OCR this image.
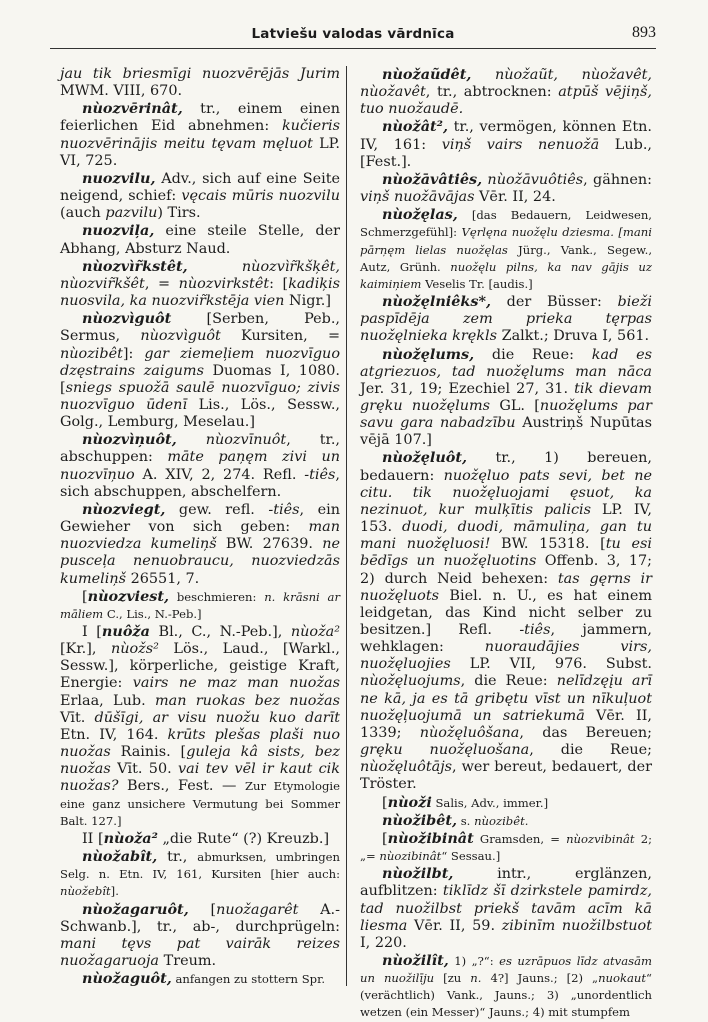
Latviešu valodas vārdnīca	893

jau tik briesmīgi nuozvērējās Jurim MWM. VIII, 670.

nùozvērinât, tr., einem einen feierlichen Eid abnehmen: kučieris nuozvērinājis meitu tęvam męluot LP. VI, 725.

nuozvilu, Adv., sich auf eine Seite neigend, schief: vęcais mūris nuozvilu (auch pazvilu) Tirs.

nuozviļa, eine steile Stelle, der Abhang, Absturz Naud.

nùozvìr̃kstêt,	nùozvìr̃kšķêt, nùozvir̃kšêt, = nùozvirkstêt: [kadiķis nuosvila, ka nuozvir̃kstēja vien Nigr.]

nùozvìguôt [Serben, Peb., Sermus, nùozvìguôt Kursiten, = nùozibêt]: gar ziemeļiem nuozvīguo dzęstrains zaigums Duomas I, 1080. [sniegs spuožā saulē nuozvīguo; zivis nuozvīguo ūdenī Lis., Lös., Sessw., Golg., Lemburg, Meselau.]

nùozvìņuôt, nùozvīnuôt, tr., abschuppen: māte paņęm zivi un nuozvīņuo A. XIV, 2, 274. Refl. -tiês, sich abschuppen, abschelfern.

nùozviegt, gew. refl. -tiês, ein Gewieher von sich geben: man nuozviedza kumeliņš BW. 27639. ne pusceļa nenuobraucu, nuozviedzās kumeliņš 26551, 7.

[nùozviest, beschmieren: n. krāsni ar māliem C., Lis., N.-Peb.]

I [nuôža Bl., C., N.-Peb.], nùoža² [Kr.], nùožs² Lös., Laud., [Warkl., Sessw.], körperliche, geistige Kraft, Energie: vairs ne maz man nuožas Erlaa, Lub. man ruokas bez nuožas Vīt. dūšīgi, ar visu nuožu kuo darīt Etn. IV, 164. krūts plešas plaši nuo nuožas Rainis. [guleja kâ sists, bez nuožas Vīt. 50. vai tev vēl ir kaut cik nuožas? Bers., Fest. — Zur Etymologie eine ganz unsichere Vermutung bei Sommer Balt. 127.]

II [nùoža² „die Rute“ (?) Kreuzb.]

nùožabît, tr., abmurksen, umbringen Selg. n. Etn. IV, 161, Kursiten [hier auch: nùožebît].

nùožagaruôt, [nuožagarêt A.-Schwanb.], tr., ab-, durchprügeln: mani tęvs pat vairāk reizes nuožagaruoja Treum.

nùožaguôt, anfangen zu stottern Spr.

nùožaũdêt, nùožaũt, nùožavêt, nùožavêt, tr., abtrocknen: atpūš vējiņš, tuo nuožaudē.

nùožât², tr., vermögen, können Etn. IV, 161: viņš vairs nenuožā Lub., [Fest.].

nùožāvâtiês, nùožāvuôtiês, gähnen: viņš nuožāvājas Vēr. II, 24.

nùožęlas, [das Bedauern, Leidwesen, Schmerzgefühl]: Vęrlęna nuožęlu dziesma. [mani pārņęm lielas nuožęlas Jürg., Vank., Segew., Autz, Grünh. nuožęlu pilns, ka nav gājis uz kaimiņiem Veselis Tr. [audis.]

nùožęlniêks*, der Büsser: bieži paspīdēja zem prieka tęrpas nuožęlnieka krękls Zalkt.; Druva I, 561.

nùožęlums, die Reue: kad es atgriezuos, tad nuožęlums man nāca Jer. 31, 19; Ezechiel 27, 31. tik dievam gręku nuožęlums GL. [nuožęlums par savu gara nabadzību Austriņš Nupūtas vējā 107.]

nùožęluôt, tr., 1) bereuen, bedauern: nuožęluo pats sevi, bet ne citu. tik nuožęluojami ęsuot, ka nezinuot, kur mulķītis palicis LP. IV, 153. duodi, duodi, māmuliņa, gan tu mani nuožęluosi! BW. 15318. [tu esi bēdīgs un nuožęluotins Offenb. 3, 17; 2) durch Neid behexen: tas gęrns ir nuožęluots Biel. n. U., es hat einem leidgetan, das Kind nicht selber zu besitzen.] Refl. -tiês, jammern, wehklagen: nuoraudājies virs, nuožęluojies LP. VII, 976. Subst. nùožęluojums, die Reue: nelīdzęįu arī ne kā, ja es tā gribętu vīst un nīkuļuot nuožęļuojumā un satriekumā Vēr. II, 1339; nùožęluôšana, das Bereuen; gręku nuožęluošana, die Reue; nùožęluôtājs, wer bereut, bedauert, der Tröster.

[nùoži Salis, Adv., immer.]

nùožibêt, s. nùozibêt.

[nùožibinât Gramsden, = nùozvibinât 2; „= nùozibinât“ Sessau.]

nùožilbt, intr., erglänzen, aufblitzen: tiklīdz šī dzirkstele pamirdz, tad nuožilbst priekš tavām acīm kā liesma Vēr. II, 59. zibinīm nuožilbstuot I, 220.

nùožilît, 1) „?“: es uzrāpuos līdz atvasām un nuožilīju [zu n. 4?] Jauns.; [2) „nuokaut“ (verächtlich) Vank., Jauns.; 3) „unordentlich wetzen (ein Messer)“ Jauns.; 4) mit stumpfem
